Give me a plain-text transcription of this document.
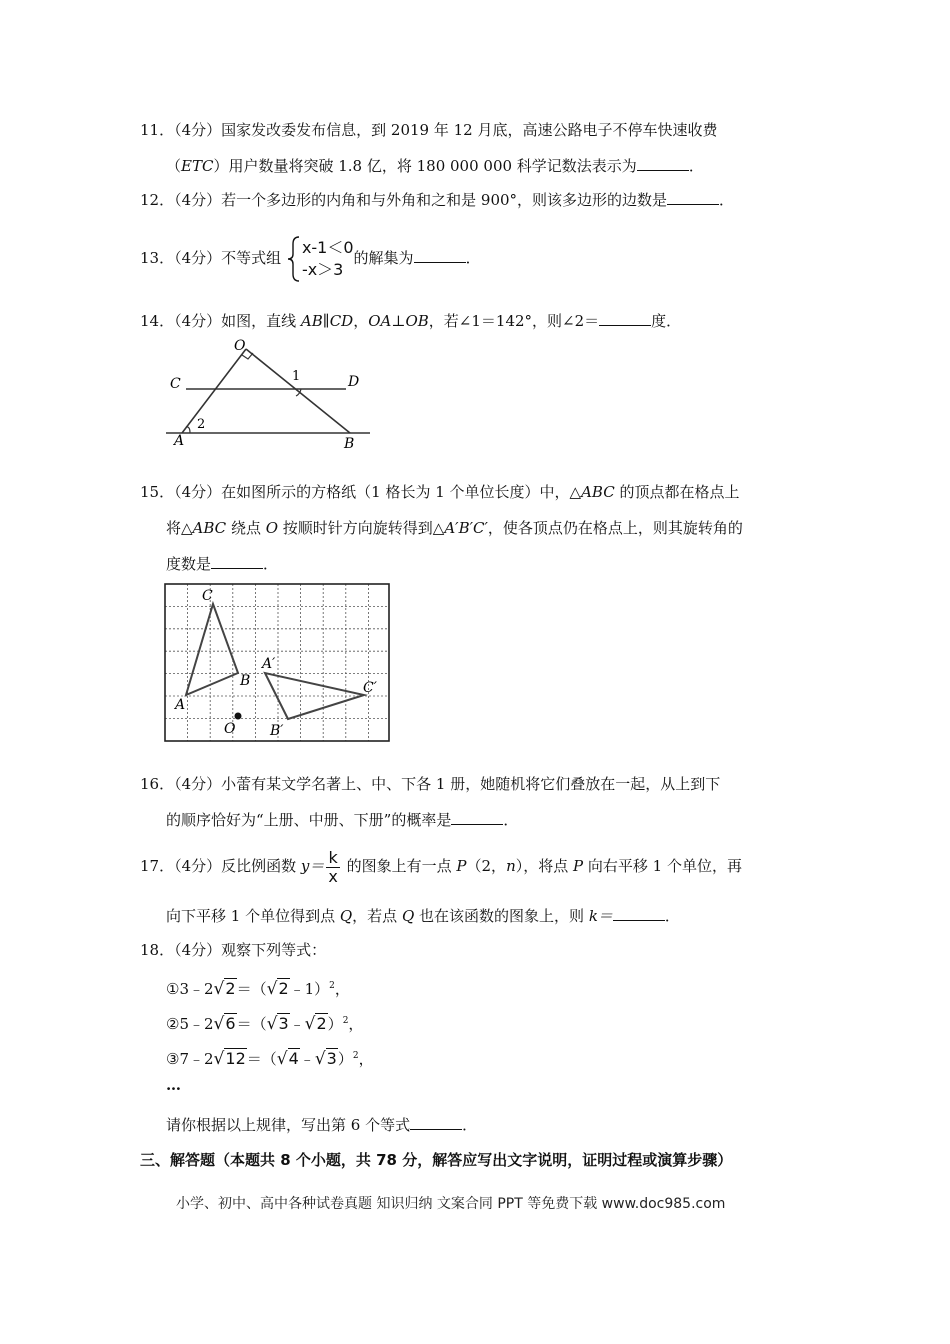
11．（4分）国家发改委发布信息，到 2019 年 12 月底，高速公路电子不停车快速收费
（ETC）用户数量将突破 1.8 亿，将 180 000 000 科学记数法表示为	．
12．（4分）若一个多边形的内角和与外角和之和是 900°，则该多边形的边数是	．
13．（4分）不等式组
x-1＜0
-x＞3
的解集为	．
14．（4分）如图，直线 AB∥CD，OA⊥OB，若∠1＝142°，则∠2＝	度．
O
C	D
A	B
1
2
15．（4分）在如图所示的方格纸（1 格长为 1 个单位长度）中，△ABC 的顶点都在格点上
将△ABC 绕点 O 按顺时针方向旋转得到△A′B′C′，使各顶点仍在格点上，则其旋转角的
度数是	．
C
A
B
O
A′
B′
C′
16．（4分）小蕾有某文学名著上、中、下各 1 册，她随机将它们叠放在一起，从上到下
的顺序恰好为“上册、中册、下册”的概率是	．
17．（4分）反比例函数 $y= \frac{k}{x}$ 的图象上有一点 P（2，n），将点 P 向右平移 1 个单位，再
向下平移 1 个单位得到点 Q，若点 Q 也在该函数的图象上，则 k＝	．
18．（4分）观察下列等式：
①3﹣2√2＝（√2﹣1）$^2$，
②5﹣2√6＝（√3﹣√2）$^2$，
③7﹣2√12＝（√4﹣√3）$^2$，
…
请你根据以上规律，写出第 6 个等式	．
三、解答题（本题共 8 个小题，共 78 分，解答应写出文字说明，证明过程或演算步骤）
小学、初中、高中各种试卷真题 知识归纳 文案合同 PPT 等免费下载 www.doc985.com
